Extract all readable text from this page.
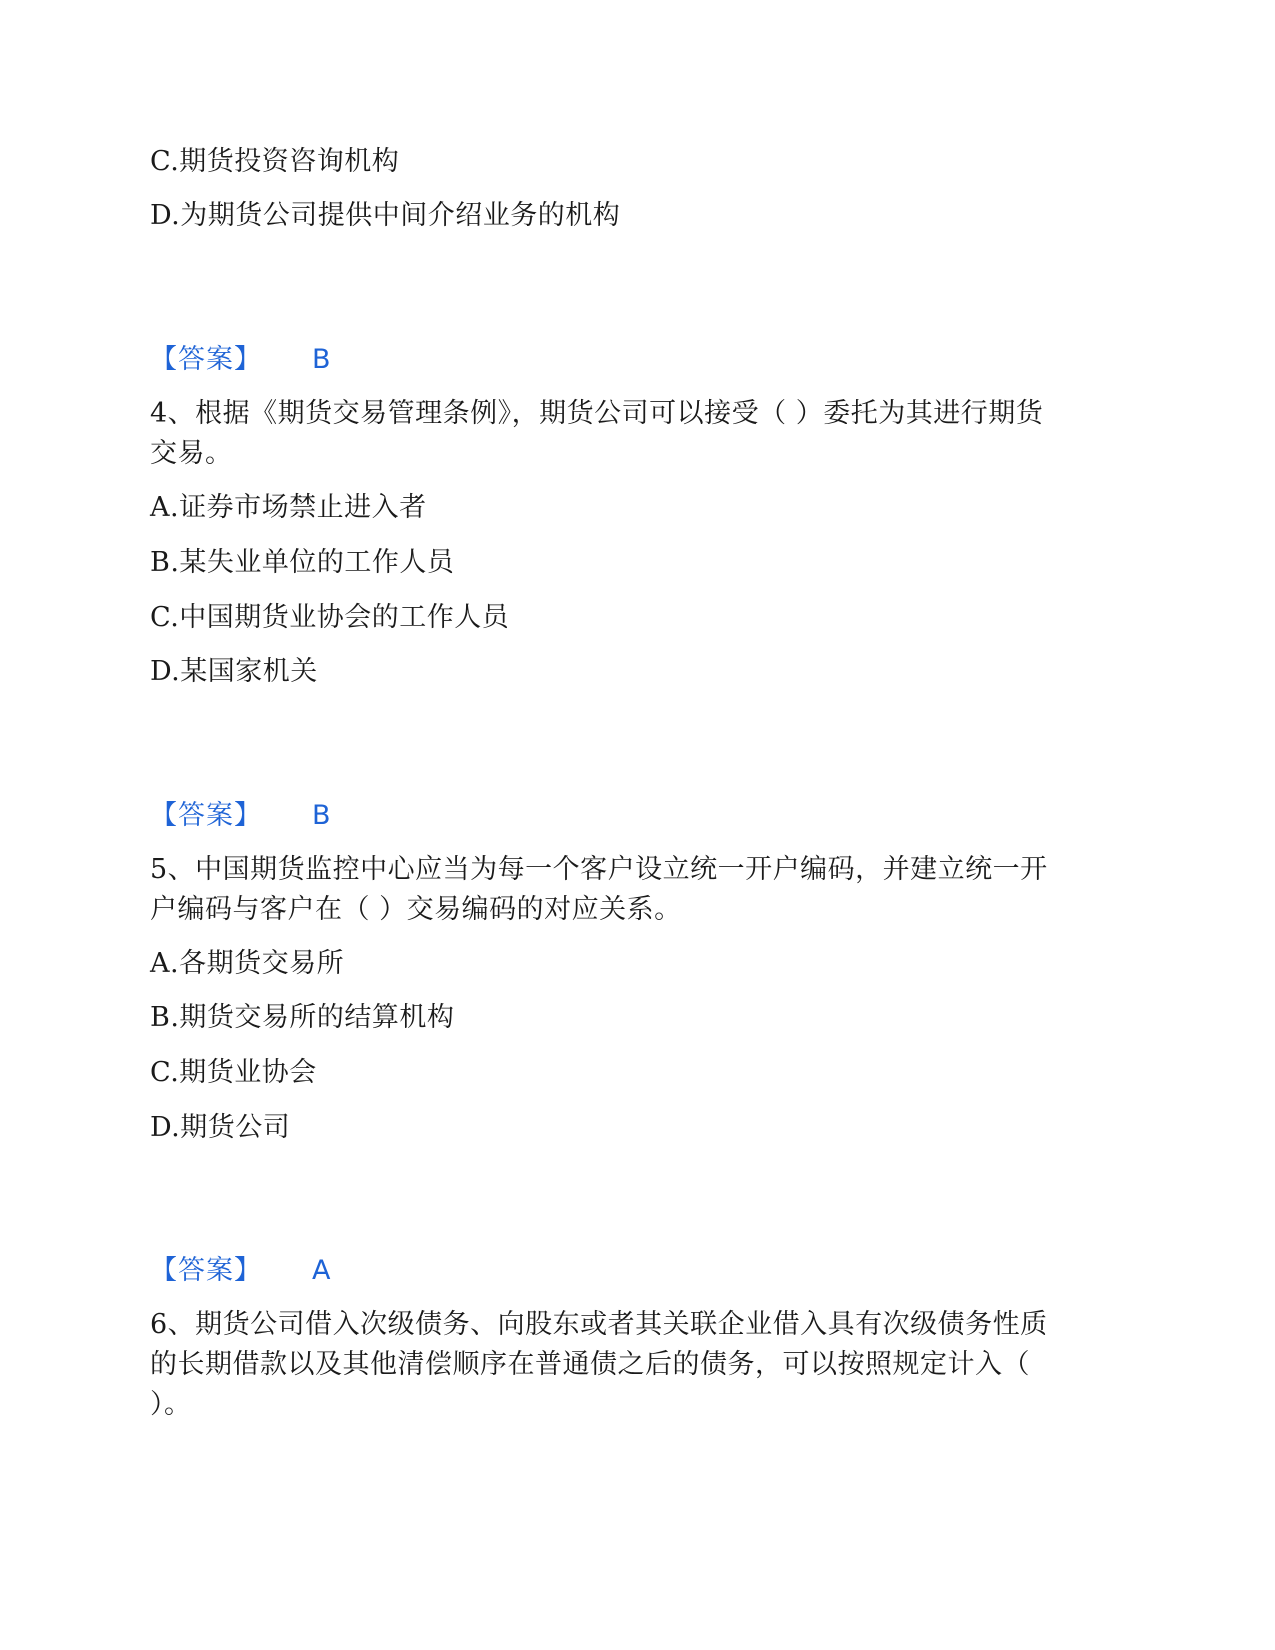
C.期货投资咨询机构
D.为期货公司提供中间介绍业务的机构
【答案】 B
4、根据《期货交易管理条例》，期货公司可以接受（ ）委托为其进行期货
交易。
A.证券市场禁止进入者
B.某失业单位的工作人员
C.中国期货业协会的工作人员
D.某国家机关
【答案】 B
5、中国期货监控中心应当为每一个客户设立统一开户编码，并建立统一开
户编码与客户在（ ）交易编码的对应关系。
A.各期货交易所
B.期货交易所的结算机构
C.期货业协会
D.期货公司
【答案】 A
6、期货公司借入次级债务、向股东或者其关联企业借入具有次级债务性质
的长期借款以及其他清偿顺序在普通债之后的债务，可以按照规定计入（
）。
